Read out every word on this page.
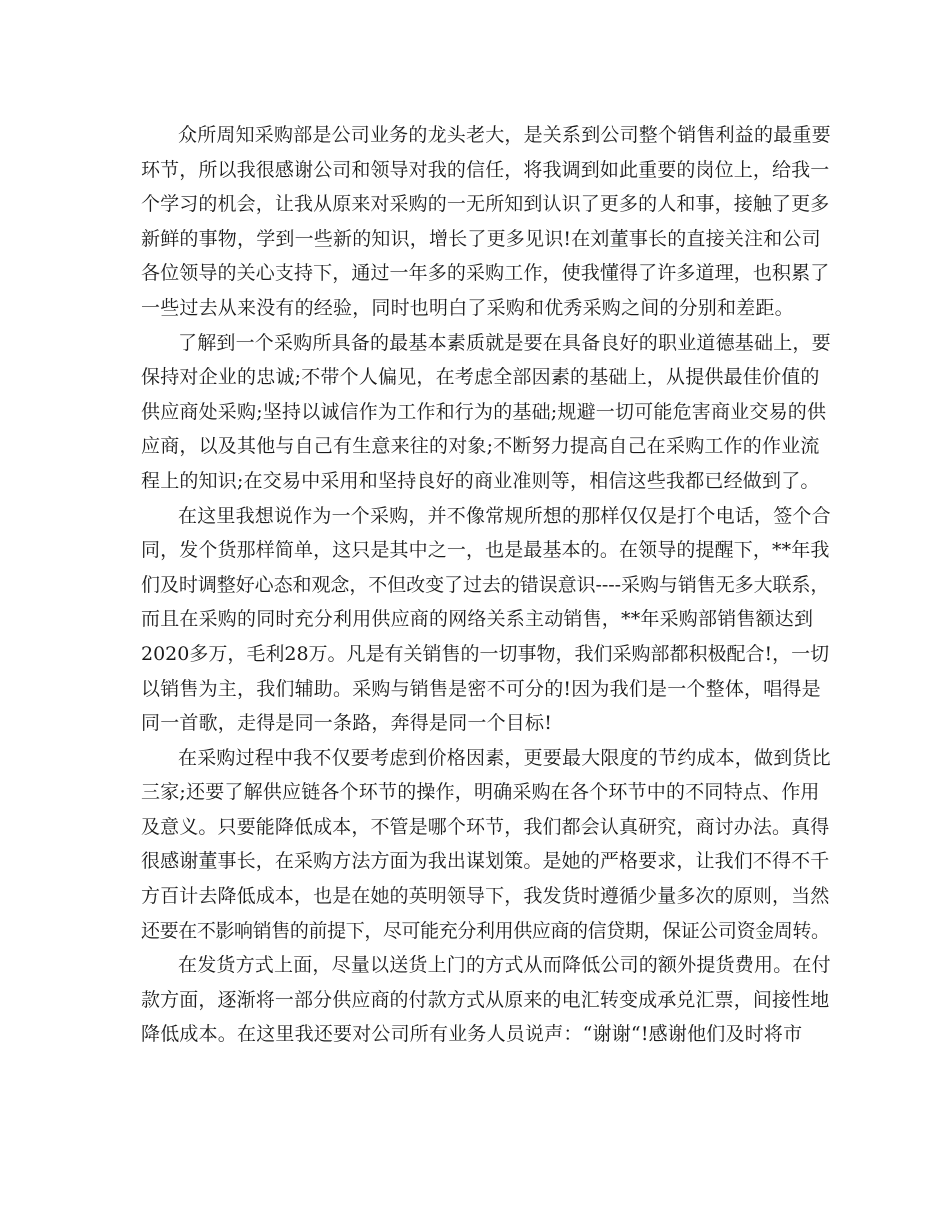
众所周知采购部是公司业务的龙头老大，是关系到公司整个销售利益的最重要
环节，所以我很感谢公司和领导对我的信任，将我调到如此重要的岗位上，给我一
个学习的机会，让我从原来对采购的一无所知到认识了更多的人和事，接触了更多
新鲜的事物，学到一些新的知识，增长了更多见识!在刘董事长的直接关注和公司
各位领导的关心支持下，通过一年多的采购工作，使我懂得了许多道理，也积累了
一些过去从来没有的经验，同时也明白了采购和优秀采购之间的分别和差距。
了解到一个采购所具备的最基本素质就是要在具备良好的职业道德基础上，要
保持对企业的忠诚;不带个人偏见，在考虑全部因素的基础上，从提供最佳价值的
供应商处采购;坚持以诚信作为工作和行为的基础;规避一切可能危害商业交易的供
应商，以及其他与自己有生意来往的对象;不断努力提高自己在采购工作的作业流
程上的知识;在交易中采用和坚持良好的商业准则等，相信这些我都已经做到了。
在这里我想说作为一个采购，并不像常规所想的那样仅仅是打个电话，签个合
同，发个货那样简单，这只是其中之一，也是最基本的。在领导的提醒下，**年我
们及时调整好心态和观念，不但改变了过去的错误意识----采购与销售无多大联系，
而且在采购的同时充分利用供应商的网络关系主动销售，**年采购部销售额达到
2020多万，毛利28万。凡是有关销售的一切事物，我们采购部都积极配合!，一切
以销售为主，我们辅助。采购与销售是密不可分的!因为我们是一个整体，唱得是
同一首歌，走得是同一条路，奔得是同一个目标!
在采购过程中我不仅要考虑到价格因素，更要最大限度的节约成本，做到货比
三家;还要了解供应链各个环节的操作，明确采购在各个环节中的不同特点、作用
及意义。只要能降低成本，不管是哪个环节，我们都会认真研究，商讨办法。真得
很感谢董事长，在采购方法方面为我出谋划策。是她的严格要求，让我们不得不千
方百计去降低成本，也是在她的英明领导下，我发货时遵循少量多次的原则，当然
还要在不影响销售的前提下，尽可能充分利用供应商的信贷期，保证公司资金周转。
在发货方式上面，尽量以送货上门的方式从而降低公司的额外提货费用。在付
款方面，逐渐将一部分供应商的付款方式从原来的电汇转变成承兑汇票，间接性地
降低成本。在这里我还要对公司所有业务人员说声：“谢谢“!感谢他们及时将市
